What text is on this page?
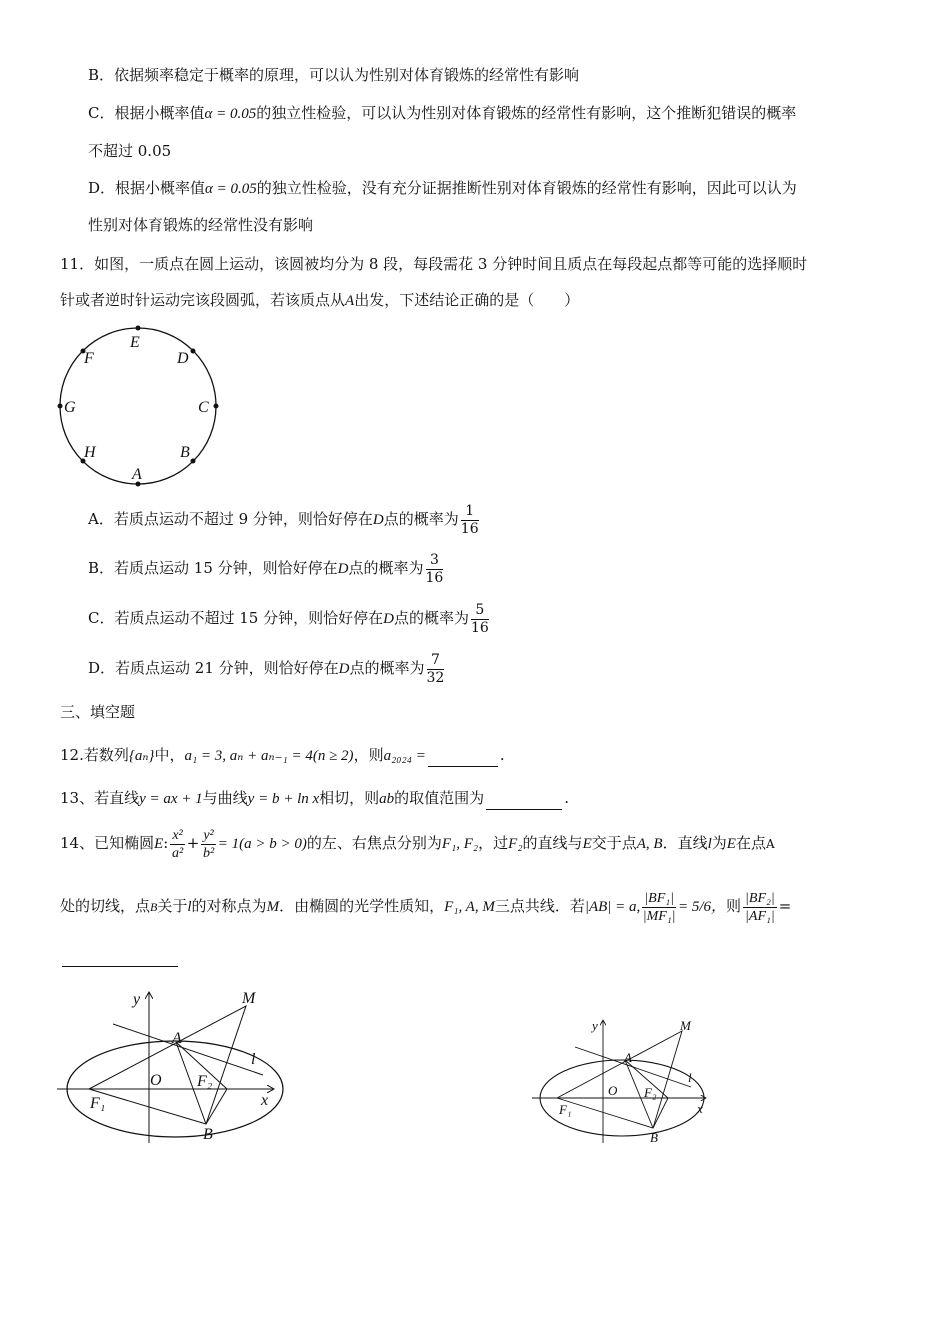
B．依据频率稳定于概率的原理，可以认为性别对体育锻炼的经常性有影响
C．根据小概率值α = 0.05的独立性检验，可以认为性别对体育锻炼的经常性有影响，这个推断犯错误的概率
不超过 0.05
D．根据小概率值α = 0.05的独立性检验，没有充分证据推断性别对体育锻炼的经常性有影响，因此可以认为
性别对体育锻炼的经常性没有影响
11．如图，一质点在圆上运动，该圆被均分为 8 段，每段需花 3 分钟时间且质点在每段起点都等可能的选择顺时
针或者逆时针运动完该段圆弧，若该质点从A出发，下述结论正确的是（　　）
E
D
C
B
A
H
G
F
A．若质点运动不超过 9 分钟，则恰好停在D点的概率为 $\frac{1}{16}$
B．若质点运动 15 分钟，则恰好停在D点的概率为 $\frac{3}{16}$
C．若质点运动不超过 15 分钟，则恰好停在D点的概率为 $\frac{5}{16}$
D．若质点运动 21 分钟，则恰好停在D点的概率为 $\frac{7}{32}$
三、填空题
12.若数列{aₙ}中，a₁ = 3, aₙ + aₙ₋₁ = 4(n ≥ 2)，则a₂₀₂₄ =	.
13、若直线y = ax + 1与曲线y = b + ln x相切，则ab的取值范围为	.
14、已知椭圆E: $\frac{\text{x²}}{\text{a²}} + \frac{\text{y²}}{\text{b²}} = 1(a > b > 0)$的左、右焦点分别为F₁, F₂，过F₂的直线与E交于点A, B．直线l为E在点A
处的切线，点B关于l的对称点为M．由椭圆的光学性质知，F₁, A, M三点共线．若|AB| = a, $\frac{\text{|BF₁|}}{\text{|MF₁|}} = 5/6$，则 $\frac{\text{|BF₂|}}{\text{|AF₁|}}$ =
y	M
A
l
O F₂
F₁	x
B
y	M
A
l
O F₂
F₁	x
B
